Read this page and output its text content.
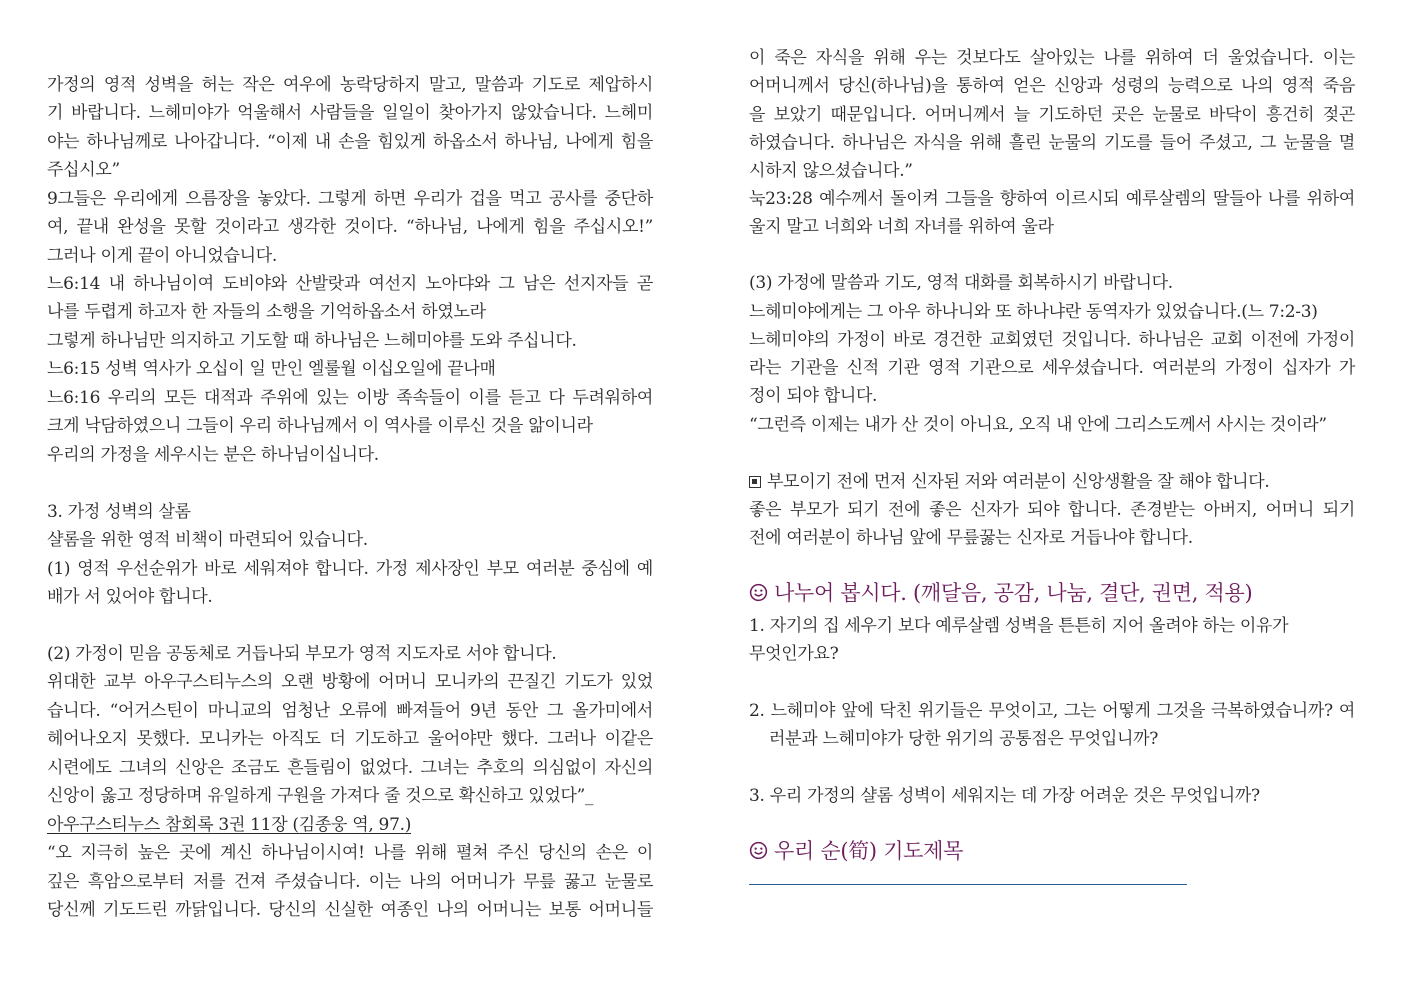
가정의 영적 성벽을 허는 작은 여우에 농락당하지 말고, 말씀과 기도로 제압하시
기 바랍니다. 느헤미야가 억울해서 사람들을 일일이 찾아가지 않았습니다. 느헤미
야는 하나님께로 나아갑니다. “이제 내 손을 힘있게 하옵소서 하나님, 나에게 힘을
주십시오”
9그들은 우리에게 으름장을 놓았다. 그렇게 하면 우리가 겁을 먹고 공사를 중단하
여, 끝내 완성을 못할 것이라고 생각한 것이다. “하나님, 나에게 힘을 주십시오!”
그러나 이게 끝이 아니었습니다.
느6:14 내 하나님이여 도비야와 산발랏과 여선지 노아댜와 그 남은 선지자들 곧
나를 두렵게 하고자 한 자들의 소행을 기억하옵소서 하였노라
그렇게 하나님만 의지하고 기도할 때 하나님은 느헤미야를 도와 주십니다.
느6:15 성벽 역사가 오십이 일 만인 엘룰월 이십오일에 끝나매
느6:16 우리의 모든 대적과 주위에 있는 이방 족속들이 이를 듣고 다 두려워하여
크게 낙담하였으니 그들이 우리 하나님께서 이 역사를 이루신 것을 앎이니라
우리의 가정을 세우시는 분은 하나님이십니다.
3. 가정 성벽의 살롬
샬롬을 위한 영적 비책이 마련되어 있습니다.
(1) 영적 우선순위가 바로 세워져야 합니다. 가정 제사장인 부모 여러분 중심에 예
배가 서 있어야 합니다.
(2) 가정이 믿음 공동체로 거듭나되 부모가 영적 지도자로 서야 합니다.
위대한 교부 아우구스티누스의 오랜 방황에 어머니 모니카의 끈질긴 기도가 있었
습니다. “어거스틴이 마니교의 엄청난 오류에 빠져들어 9년 동안 그 올가미에서
헤어나오지 못했다. 모니카는 아직도 더 기도하고 울어야만 했다. 그러나 이같은
시련에도 그녀의 신앙은 조금도 흔들림이 없었다. 그녀는 추호의 의심없이 자신의
신앙이 옳고 정당하며 유일하게 구원을 가져다 줄 것으로 확신하고 있었다”_
아우구스티누스 참회록 3권 11장 (김종웅 역, 97.)
“오 지극히 높은 곳에 계신 하나님이시여! 나를 위해 펼쳐 주신 당신의 손은 이
깊은 흑암으로부터 저를 건져 주셨습니다. 이는 나의 어머니가 무릎 꿇고 눈물로
당신께 기도드린 까닭입니다. 당신의 신실한 여종인 나의 어머니는 보통 어머니들
이 죽은 자식을 위해 우는 것보다도 살아있는 나를 위하여 더 울었습니다. 이는
어머니께서 당신(하나님)을 통하여 얻은 신앙과 성령의 능력으로 나의 영적 죽음
을 보았기 때문입니다. 어머니께서 늘 기도하던 곳은 눈물로 바닥이 흥건히 젖곤
하였습니다. 하나님은 자식을 위해 흘린 눈물의 기도를 들어 주셨고, 그 눈물을 멸
시하지 않으셨습니다.”
눅23:28 예수께서 돌이켜 그들을 향하여 이르시되 예루살렘의 딸들아 나를 위하여
울지 말고 너희와 너희 자녀를 위하여 울라
(3) 가정에 말씀과 기도, 영적 대화를 회복하시기 바랍니다.
느헤미야에게는 그 아우 하나니와 또 하나냐란 동역자가 있었습니다.(느 7:2-3)
느헤미야의 가정이 바로 경건한 교회였던 것입니다. 하나님은 교회 이전에 가정이
라는 기관을 신적 기관 영적 기관으로 세우셨습니다. 여러분의 가정이 십자가 가
정이 되야 합니다.
“그런즉 이제는 내가 산 것이 아니요, 오직 내 안에 그리스도께서 사시는 것이라”
부모이기 전에 먼저 신자된 저와 여러분이 신앙생활을 잘 해야 합니다.
좋은 부모가 되기 전에 좋은 신자가 되야 합니다. 존경받는 아버지, 어머니 되기
전에 여러분이 하나님 앞에 무릎꿇는 신자로 거듭나야 합니다.
나누어 봅시다. (깨달음, 공감, 나눔, 결단, 권면, 적용)
1. 자기의 집 세우기 보다 예루살렘 성벽을 튼튼히 지어 올려야 하는 이유가
무엇인가요?
2. 느헤미야 앞에 닥친 위기들은 무엇이고, 그는 어떻게 그것을 극복하였습니까? 여
러분과 느헤미야가 당한 위기의 공통점은 무엇입니까?
3. 우리 가정의 샬롬 성벽이 세워지는 데 가장 어려운 것은 무엇입니까?
우리 순(筍) 기도제목
